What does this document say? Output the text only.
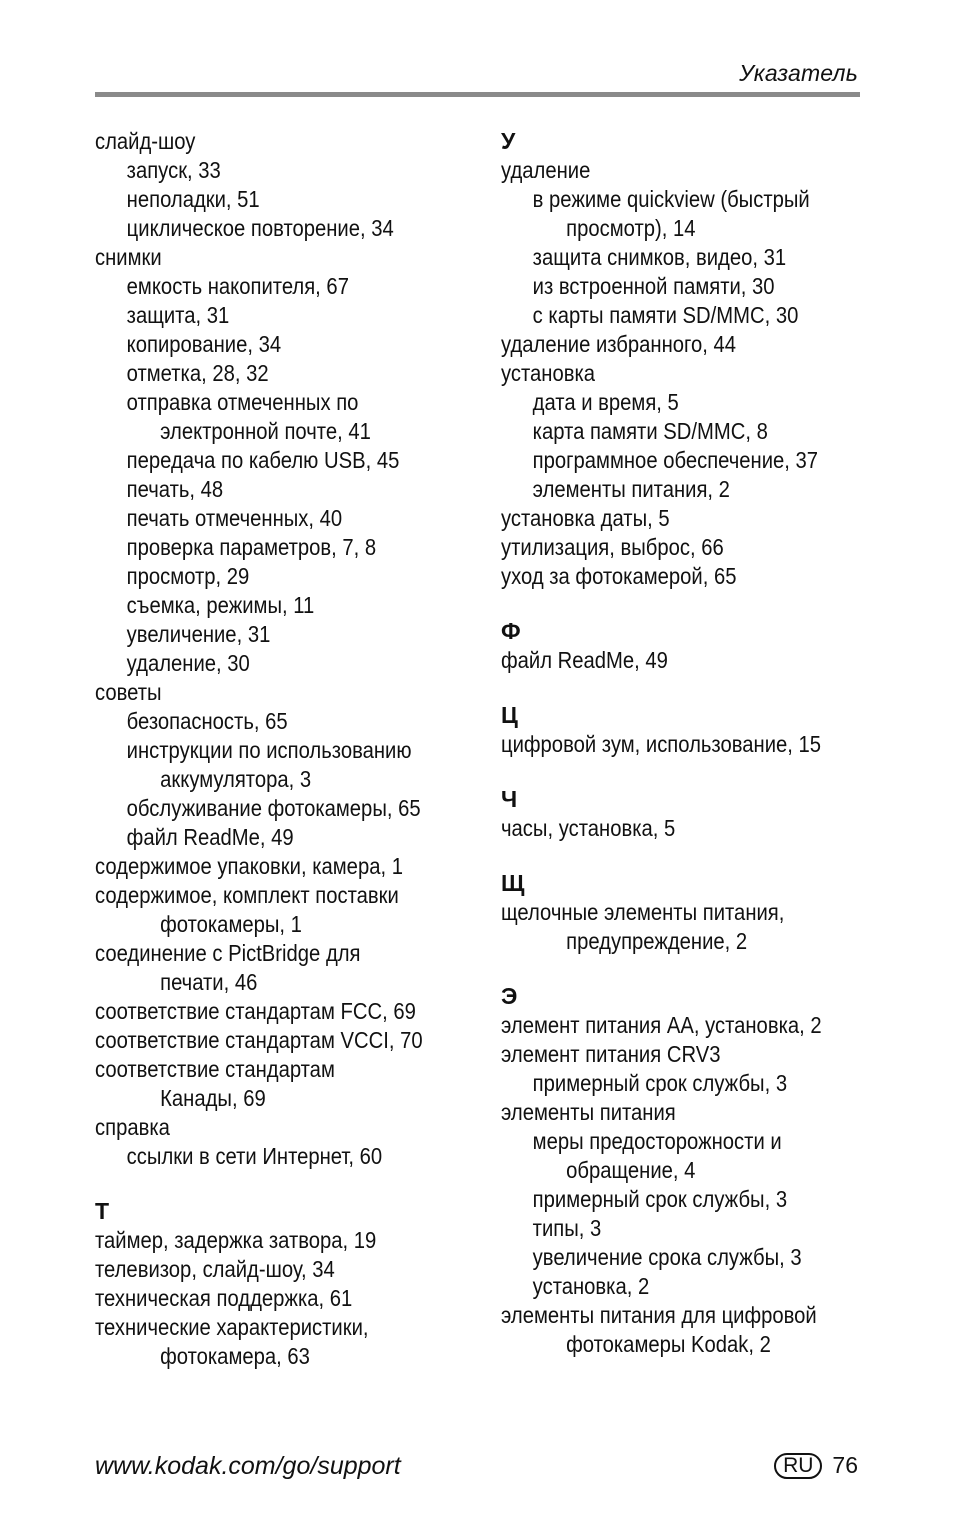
Указатель
слайд-шоу
запуск, 33
неполадки, 51
циклическое повторение, 34
снимки
емкость накопителя, 67
защита, 31
копирование, 34
отметка, 28, 32
отправка отмеченных по
электронной почте, 41
передача по кабелю USB, 45
печать, 48
печать отмеченных, 40
проверка параметров, 7, 8
просмотр, 29
съемка, режимы, 11
увеличение, 31
удаление, 30
советы
безопасность, 65
инструкции по использованию
аккумулятора, 3
обслуживание фотокамеры, 65
файл ReadMe, 49
содержимое упаковки, камера, 1
содержимое, комплект поставки
фотокамеры, 1
соединение с PictBridge для
печати, 46
соответствие стандартам FCC, 69
соответствие стандартам VCCI, 70
соответствие стандартам
Канады, 69
справка
ссылки в сети Интернет, 60
Т
таймер, задержка затвора, 19
телевизор, слайд-шоу, 34
техническая поддержка, 61
технические характеристики,
фотокамера, 63
У
удаление
в режиме quickview (быстрый
просмотр), 14
защита снимков, видео, 31
из встроенной памяти, 30
с карты памяти SD/MMC, 30
удаление избранного, 44
установка
дата и время, 5
карта памяти SD/MMC, 8
программное обеспечение, 37
элементы питания, 2
установка даты, 5
утилизация, выброс, 66
уход за фотокамерой, 65
Ф
файл ReadMe, 49
Ц
цифровой зум, использование, 15
Ч
часы, установка, 5
Щ
щелочные элементы питания,
предупреждение, 2
Э
элемент питания AA, установка, 2
элемент питания CRV3
примерный срок службы, 3
элементы питания
меры предосторожности и
обращение, 4
примерный срок службы, 3
типы, 3
увеличение срока службы, 3
установка, 2
элементы питания для цифровой
фотокамеры Kodak, 2
www.kodak.com/go/support	RU 76
